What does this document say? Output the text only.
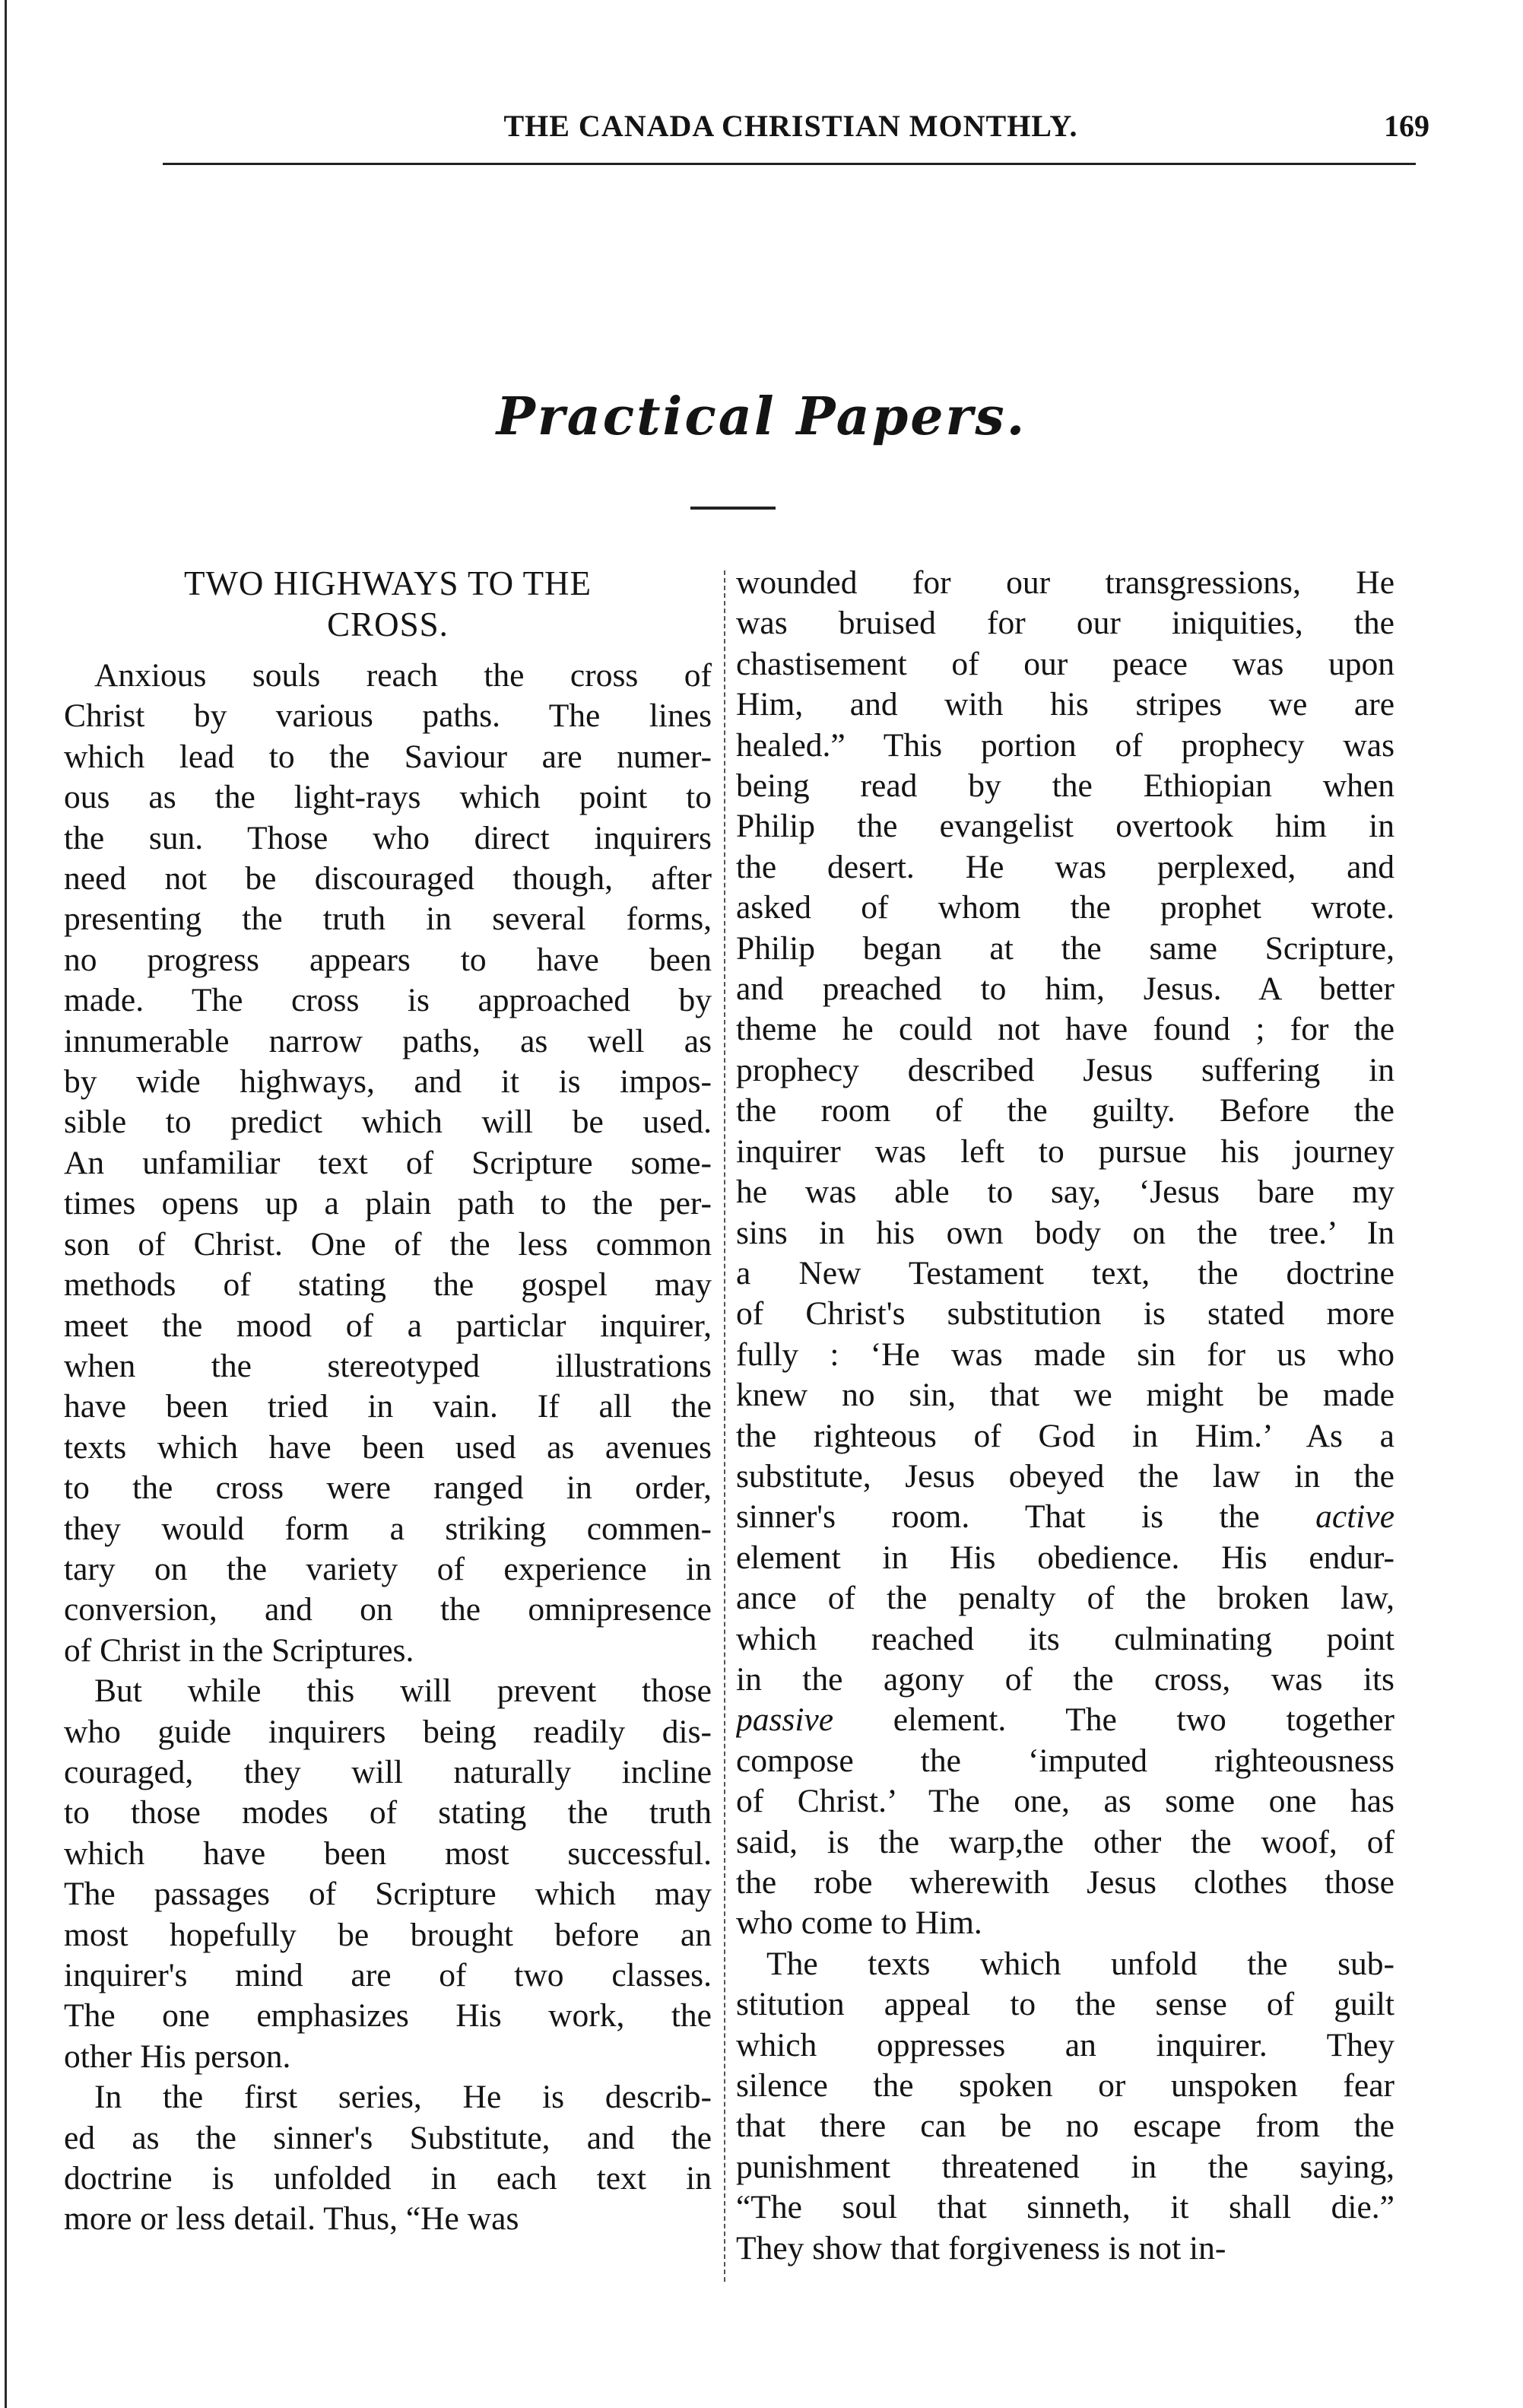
THE CANADA CHRISTIAN MONTHLY.	169
Practical Papers.
TWO HIGHWAYS TO THE
CROSS.
Anxious souls reach the cross of
Christ by various paths. The lines
which lead to the Saviour are numer-
ous as the light-rays which point to
the sun. Those who direct inquirers
need not be discouraged though, after
presenting the truth in several forms,
no progress appears to have been
made. The cross is approached by
innumerable narrow paths, as well as
by wide highways, and it is impos-
sible to predict which will be used.
An unfamiliar text of Scripture some-
times opens up a plain path to the per-
son of Christ. One of the less common
methods of stating the gospel may
meet the mood of a particlar inquirer,
when the stereotyped illustrations
have been tried in vain. If all the
texts which have been used as avenues
to the cross were ranged in order,
they would form a striking commen-
tary on the variety of experience in
conversion, and on the omnipresence
of Christ in the Scriptures.
But while this will prevent those
who guide inquirers being readily dis-
couraged, they will naturally incline
to those modes of stating the truth
which have been most successful.
The passages of Scripture which may
most hopefully be brought before an
inquirer's mind are of two classes.
The one emphasizes His work, the
other His person.
In the first series, He is describ-
ed as the sinner's Substitute, and the
doctrine is unfolded in each text in
more or less detail. Thus, “He was
wounded for our transgressions, He
was bruised for our iniquities, the
chastisement of our peace was upon
Him, and with his stripes we are
healed.” This portion of prophecy was
being read by the Ethiopian when
Philip the evangelist overtook him in
the desert. He was perplexed, and
asked of whom the prophet wrote.
Philip began at the same Scripture,
and preached to him, Jesus. A better
theme he could not have found ; for the
prophecy described Jesus suffering in
the room of the guilty. Before the
inquirer was left to pursue his journey
he was able to say, ‘Jesus bare my
sins in his own body on the tree.’ In
a New Testament text, the doctrine
of Christ's substitution is stated more
fully : ‘He was made sin for us who
knew no sin, that we might be made
the righteous of God in Him.’ As a
substitute, Jesus obeyed the law in the
sinner's room. That is the active
element in His obedience. His endur-
ance of the penalty of the broken law,
which reached its culminating point
in the agony of the cross, was its
passive element. The two together
compose the ‘imputed righteousness
of Christ.’ The one, as some one has
said, is the warp,the other the woof, of
the robe wherewith Jesus clothes those
who come to Him.
The texts which unfold the sub-
stitution appeal to the sense of guilt
which oppresses an inquirer. They
silence the spoken or unspoken fear
that there can be no escape from the
punishment threatened in the saying,
“The soul that sinneth, it shall die.”
They show that forgiveness is not in-
